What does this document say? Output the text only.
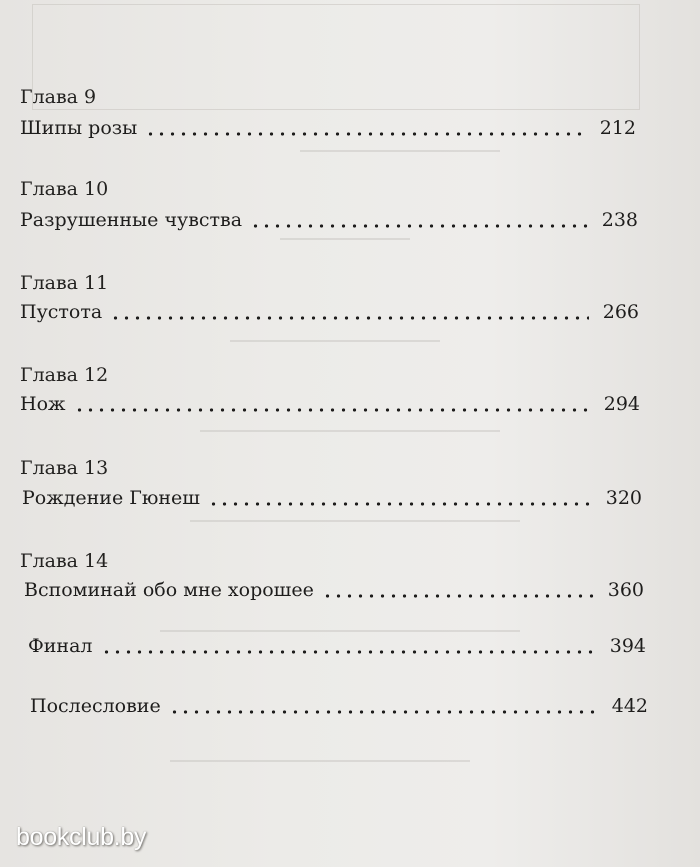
Глава 9
Шипы розы	212
Глава 10
Разрушенные чувства	238
Глава 11
Пустота	266
Глава 12
Нож	294
Глава 13
Рождение Гюнеш	320
Глава 14
Вспоминай обо мне хорошее	360
Финал	394
Послесловие	442
bookclub.by
